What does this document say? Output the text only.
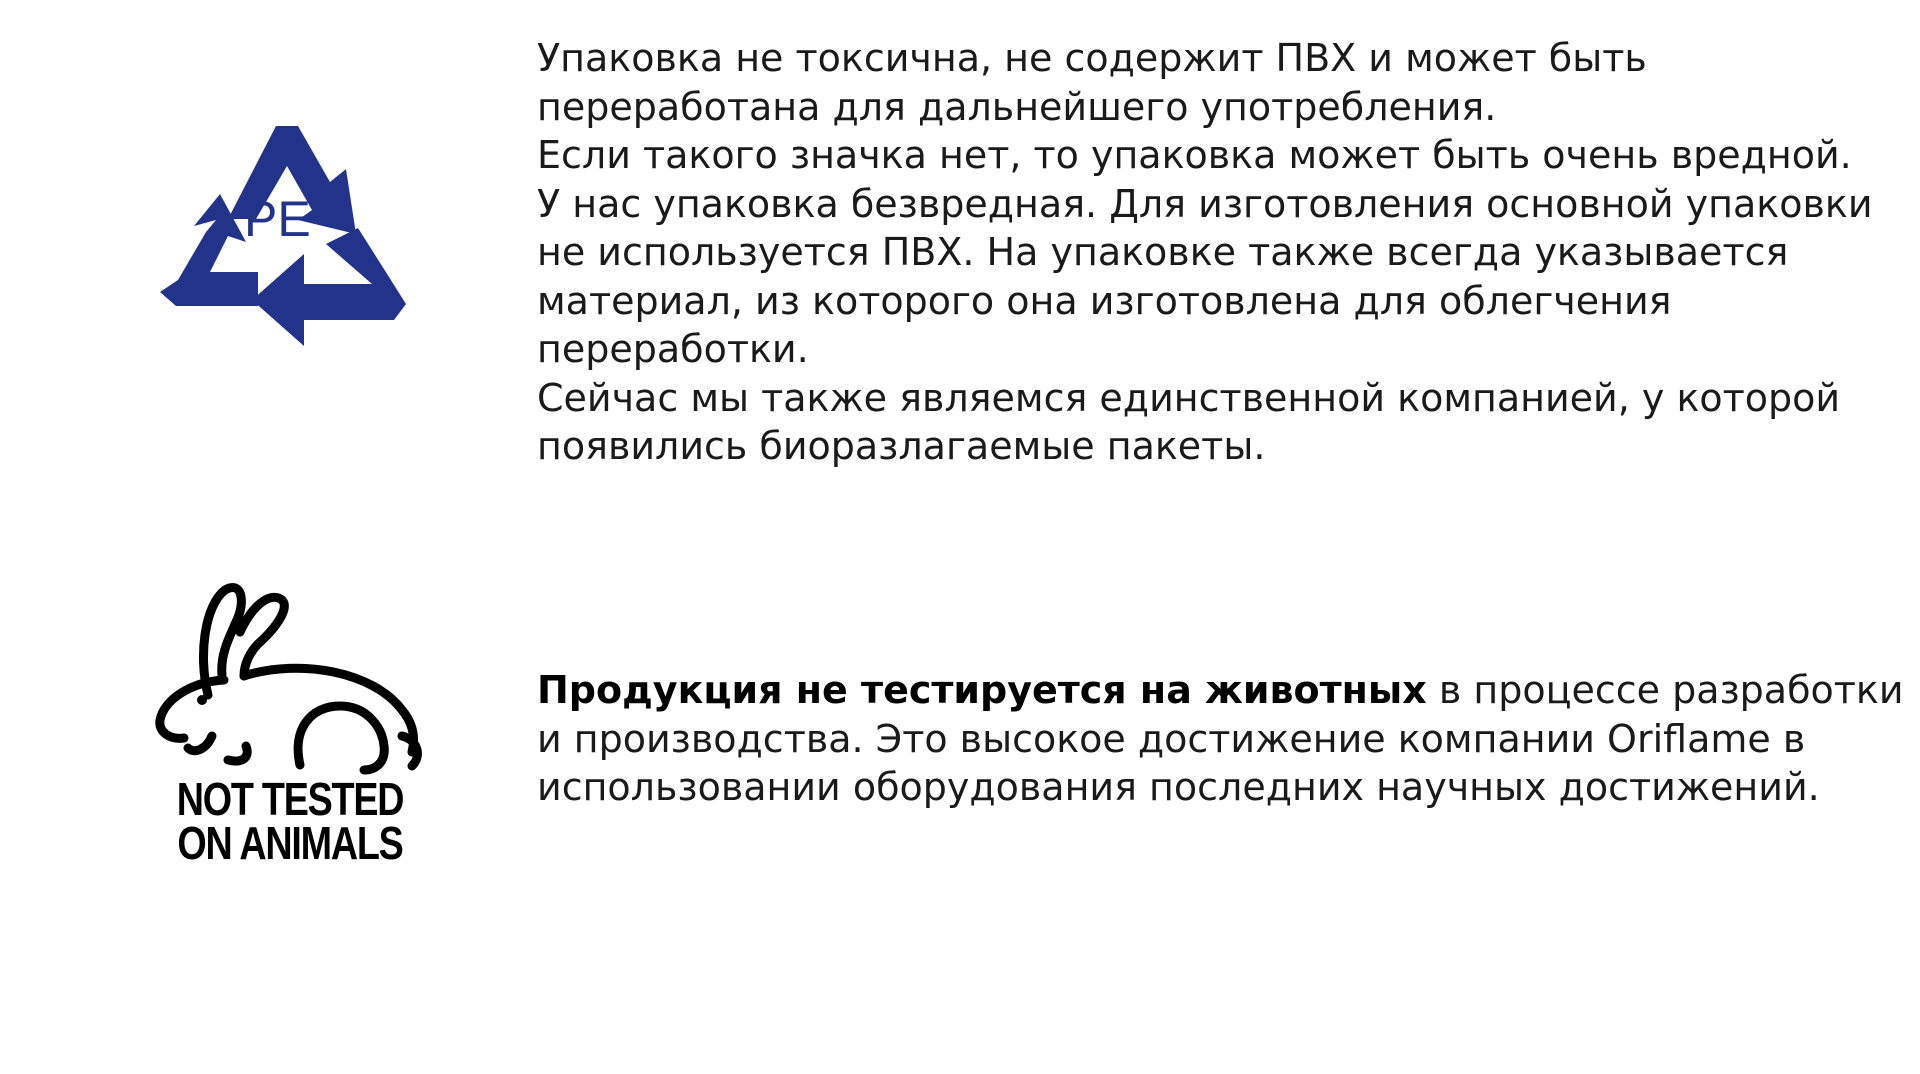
PE

Упаковка не токсична, не содержит ПВХ и может быть переработана для дальнейшего употребления.

Если такого значка нет, то упаковка может быть очень вредной.

У нас упаковка безвредная. Для изготовления основной упаковки не используется ПВХ. На упаковке также всегда указывается материал, из которого она изготовлена для облегчения переработки.

Сейчас мы также являемся единственной компанией, у которой появились биоразлагаемые пакеты.

NOT TESTED
ON ANIMALS

Продукция не тестируется на животных в процессе разработки и производства. Это высокое достижение компании Oriflame в использовании оборудования последних научных достижений.
